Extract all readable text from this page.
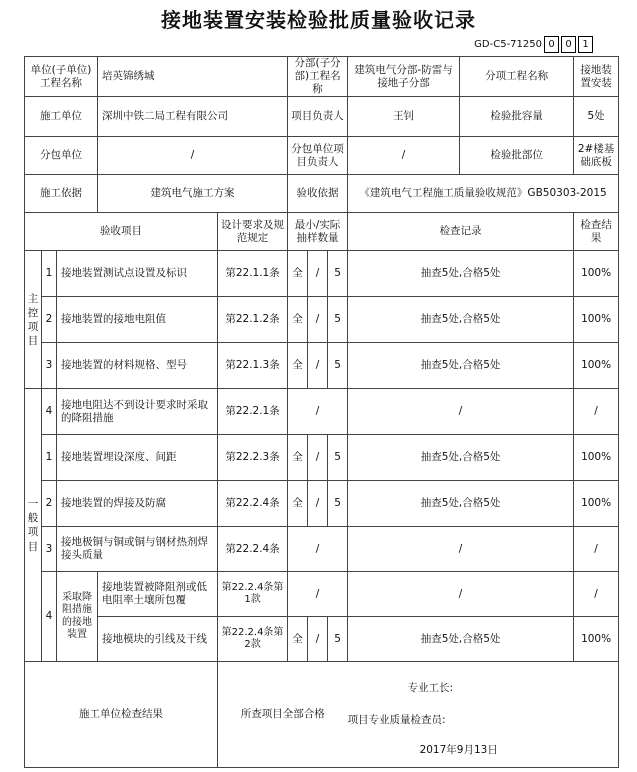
接地装置安装检验批质量验收记录
GD-C5-71250 0	0	1
单位(子单位)工程名称			培英锦绣城		分部(子分部)工程名称			建筑电气分部-防雷与接地子分部	分项工程名称	接地装置安装
施工单位			深圳中铁二局工程有限公司		项目负责人			王钊	检验批容量	5处
分包单位			/		分包单位项目负责人			/	检验批部位	2#楼基础底板
施工依据			建筑电气施工方案		验收依据			《建筑电气工程施工质量验收规范》GB50303-2015		
验收项目				设计要求及规范规定	最小/实际抽样数量			检查记录		检查结果
主
控
项
目	1	接地装置测试点设置及标识		第22.1.1条	全	/	5	抽查5处,合格5处		100%
	2	接地装置的接地电阻值		第22.1.2条	全	/	5	抽查5处,合格5处		100%
	3	接地装置的材料规格、型号		第22.1.3条	全	/	5	抽查5处,合格5处		100%
一
般
项
目	4	接地电阻达不到设计要求时采取的降阻措施		第22.2.1条	/			/		/
	1	接地装置埋设深度、间距		第22.2.3条	全	/	5	抽查5处,合格5处		100%
	2	接地装置的焊接及防腐		第22.2.4条	全	/	5	抽查5处,合格5处		100%
	3	接地极铜与铜或铜与钢材热剂焊接头质量		第22.2.4条	/			/		/
	4	采取降阻措施的接地装置	接地装置被降阻剂或低电阻率土壤所包覆	第22.2.4条第1款	/			/		/
			接地模块的引线及干线	第22.2.4条第2款	全	/	5	抽查5处,合格5处		100%
施工单位检查结果				所查项目全部合格				专业工长:
项目专业质量检查员:
2017年9月13日		
